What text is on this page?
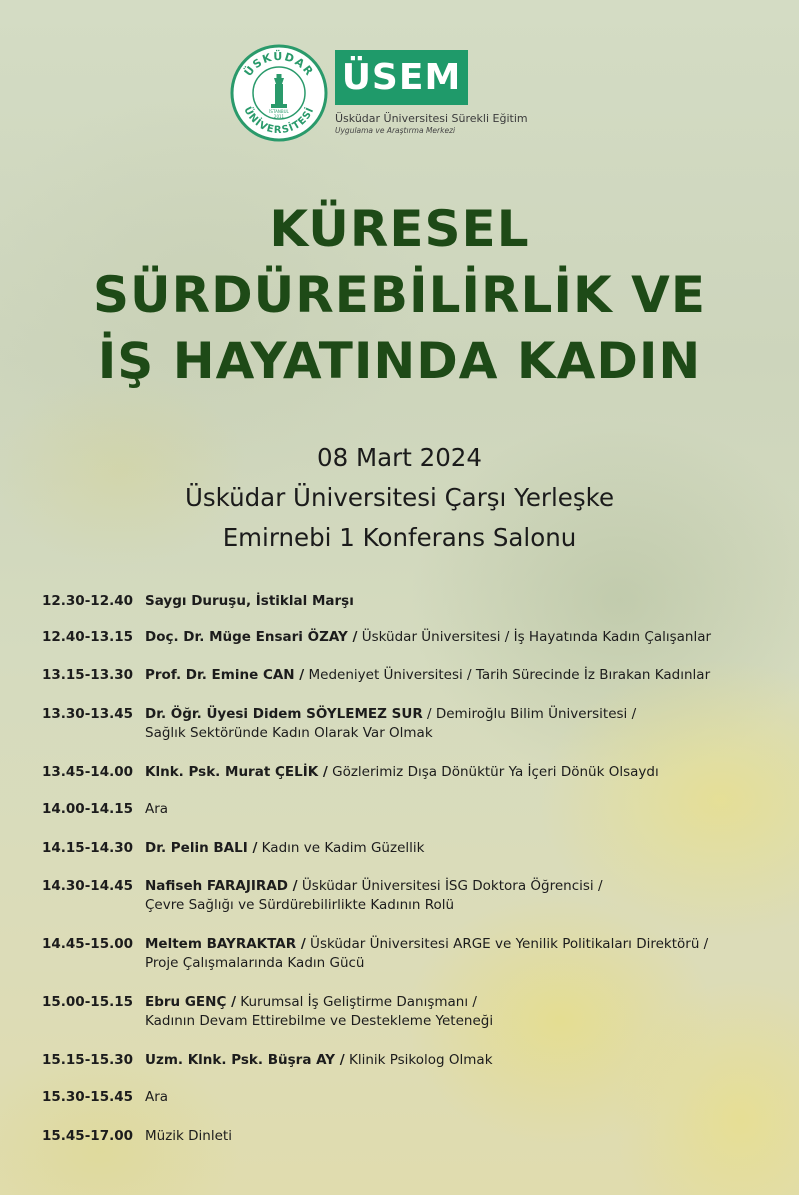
ÜSKÜDAR
ÜNİVERSİTESİ
İSTANBUL
2011
ÜSEM
Üsküdar Üniversitesi Sürekli Eğitim
Uygulama ve Araştırma Merkezi
KÜRESEL
SÜRDÜREBİLİRLİK VE
İŞ HAYATINDA KADIN
08 Mart 2024
Üsküdar Üniversitesi Çarşı Yerleşke
Emirnebi 1 Konferans Salonu
12.30-12.40 Saygı Duruşu, İstiklal Marşı
12.40-13.15 Doç. Dr. Müge Ensari ÖZAY / Üsküdar Üniversitesi / İş Hayatında Kadın Çalışanlar
13.15-13.30 Prof. Dr. Emine CAN / Medeniyet Üniversitesi / Tarih Sürecinde İz Bırakan Kadınlar
13.30-13.45 Dr. Öğr. Üyesi Didem SÖYLEMEZ SUR / Demiroğlu Bilim Üniversitesi /
Sağlık Sektöründe Kadın Olarak Var Olmak
13.45-14.00 Klnk. Psk. Murat ÇELİK / Gözlerimiz Dışa Dönüktür Ya İçeri Dönük Olsaydı
14.00-14.15 Ara
14.15-14.30 Dr. Pelin BALI / Kadın ve Kadim Güzellik
14.30-14.45 Nafiseh FARAJIRAD / Üsküdar Üniversitesi İSG Doktora Öğrencisi /
Çevre Sağlığı ve Sürdürebilirlikte Kadının Rolü
14.45-15.00 Meltem BAYRAKTAR / Üsküdar Üniversitesi ARGE ve Yenilik Politikaları Direktörü /
Proje Çalışmalarında Kadın Gücü
15.00-15.15 Ebru GENÇ / Kurumsal İş Geliştirme Danışmanı /
Kadının Devam Ettirebilme ve Destekleme Yeteneği
15.15-15.30 Uzm. Klnk. Psk. Büşra AY / Klinik Psikolog Olmak
15.30-15.45 Ara
15.45-17.00 Müzik Dinleti
